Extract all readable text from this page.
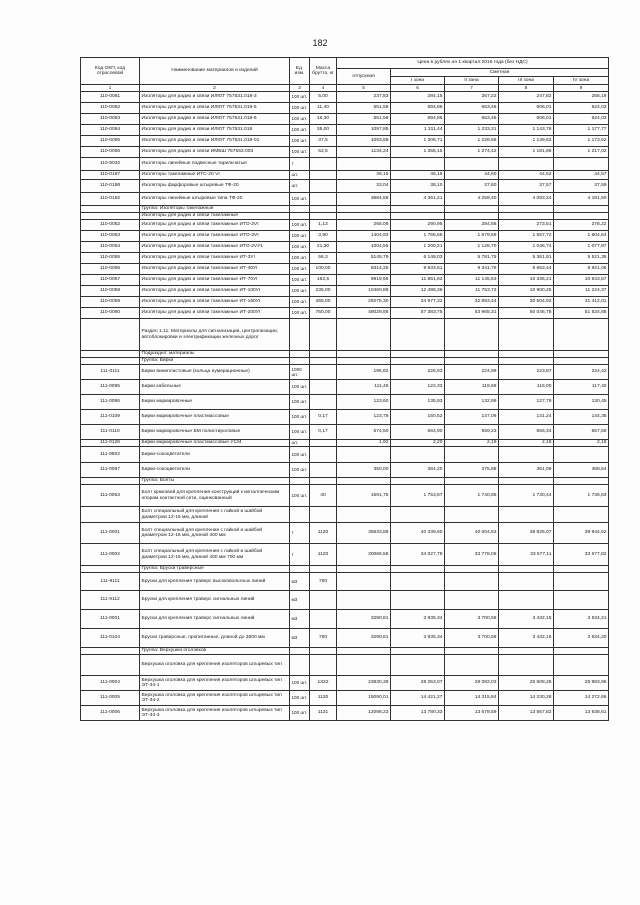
182
Код ОКП, код отраслевой	Наименование материалов и изделий	Ед. изм.	Масса брутто, кг	Цена в рублях на 1 квартал 2016 года (без НДС)				
				отпускная	Сметная			
					I зона	II зона	III зона	IV зона
1	2	3	4	5	6	7	8	9
110-0061	Изоляторы для радио и связи ИЛЮТ 757531.018-3	100 шт.	5,00	237,83	284,15	267,22	247,82	255,19
110-0062	Изоляторы для радио и связи ИЛЮТ 757531.018-5	100 шт.	11,40	551,58	694,86	653,46	606,01	624,03
110-0063	Изоляторы для радио и связи ИЛЮТ 757531.018-6	100 шт.	16,30	551,58	694,86	653,46	606,01	624,03
110-0064	Изоляторы для радио и связи ИЛЮТ 757531.018	100 шт.	35,00	1097,85	1 311,44	1 233,31	1 143,76	1 177,77
110-0065	Изоляторы для радио и связи ИЛЮТ 757531.018-01	100 шт.	37,5	1093,69	1 306,71	1 228,86	1 139,63	1 173,52
110-0066	Изоляторы для радио и связи ИМБШ 757553.003	100 шт.	52,5	1134,24	1 355,15	1 274,42	1 181,86	1 217,02
110-9032	Изоляторы линейные подвесные тарельчатые	т						
110-0187	Изоляторы такелажные ИТС-20 VI	шт.		39,15	45,15	44,60	44,52	44,57
110-0188	Изоляторы фарфоровые штыревые ТФ-20	шт.		33,04	38,10	37,60	37,57	37,59
110-0192	Изоляторы линейные штыревые типа ТФ-20	100 шт.		3684,58	4 361,21	4 259,40	4 093,24	4 181,50
	Группа: Изоляторы такелажные							
	Изоляторы для радио и связи такелажные							
110-0052	Изоляторы для радио и связи такелажные ИТО-2VI	100 шт.	1,13	265,09	290,95	284,68	273,51	278,22
110-0053	Изоляторы для радио и связи такелажные ИТО-3VI	100 шт.	3,90	1404,93	1 765,55	1 679,59	1 557,72	1 604,64
110-0054	Изоляторы для радио и связи такелажные ИТО-2VУ1	100 шт.	21,30	1004,55	1 200,21	1 128,70	1 046,74	1 077,87
110-0055	Изоляторы для радио и связи такелажные ИТ-3УI	100 шт.	56,3	5145,79	6 148,03	5 781,75	5 361,91	5 521,35
110-0056	Изоляторы для радио и связи такелажные ИТ-40УI	100 шт.	100,00	8314,25	9 933,61	9 341,79	8 663,44	8 921,06
110-0057	Изоляторы для радио и связи такелажные ИТ-70УI	100 шт.	162,5	9919,56	11 851,63	11 145,53	10 336,21	10 643,57
110-0058	Изоляторы для радио и связи такелажные ИТ-100УI	100 шт.	235,00	10460,89	12 498,36	11 753,73	10 900,25	11 224,37
110-0059	Изоляторы для радио и связи такелажные ИТ-160УI	100 шт.	455,00	29275,30	34 977,32	32 893,44	30 504,92	31 412,01
110-0060	Изоляторы для радио и связи такелажные ИТ-200УI	100 шт.	750,00	48029,86	57 383,75	53 965,31	50 046,78	51 534,85
	Раздел 1.11. Материалы для сигнализации, централизации, автоблокировки и электрификации железных дорог							
	Подраздел: материалы							
	Группа: Бирки							
111-0111	Бирки винипластовые (кольца нумерационные)	1000 шт.		195,82	226,93	224,99	223,87	224,42
111-0095	Бирки кабельные	100 шт.		111,49	122,33	119,69	115,00	117,40
111-0086	Бирки маркировочные	100 шт.		123,60	135,93	132,99	127,79	130,45
111-0109	Бирки маркировочные пластмассовые	100 шт.	0,17	123,78	150,52	147,06	141,24	144,35
111-0110	Бирки маркировочные БМ полистироловые	100 шт.	0,17	574,50	664,90	659,23	656,34	657,59
111-0126	Бирки маркировочные пластмассовые У134	шт.		1,92	2,20	2,19	2,18	2,18
111-9502	Бирки-сокоцветатели	100 шт.						
111-0087	Бирки-сокоцветатели	100 шт.		350,00	384,20	375,88	361,09	368,64
	Группа: Болты							
111-0063	Болт крюковой для крепления конструкций к металлическим опорам контактной сети, оцинкованный	100 шт.	40	1591,75	1 753,67	1 740,85	1 730,44	1 735,63
	Болт специальный для крепления с гайкой и шайбой диаметром 12-16 мм, длиной							
111-0001	Болт специальный для крепления с гайкой и шайбой диаметром 12-16 мм, длиной 400 мм	т	1120	35633,89	40 339,60	40 004,53	39 825,07	39 944,52
111-0002	Болт специальный для крепления с гайкой и шайбой диаметром 12-16 мм, длиной 400 мм 700 мм	т	1120	30066,58	34 027,78	33 778,06	33 577,11	33 677,82
	Группа: Бруски траверсные							
111-9111	Бруски для крепления траверс высоковольтных линий	м3	780					
111-9112	Бруски для крепления траверс сигнальных линий	м3						
111-0001	Бруски для крепления траверс сигнальных линий	м3		3290,81	3 935,34	3 700,58	3 432,15	3 534,21
111-0104	Бруски траверсные, пропитанные, длиной до 3600 мм	м3	780	3290,81	3 935,34	3 700,58	3 432,15	3 534,20
	Группа: Верхушки оголовков							
	Верхушка оголовка для крепления изоляторов штыревых тип							
111-0004	Верхушка оголовка для крепления изоляторов штыревых тип ЭТ-34-1	100 шт.	1322	23830,39	28 253,07	28 082,03	25 608,25	25 983,95
111-0005	Верхушка оголовка для крепления изоляторов штыревых тип ЭТ-34-2	100 шт.	1120	15090,01	14 421,27	14 315,84	14 230,28	14 272,66
111-0006	Верхушка оголовка для крепления изоляторов штыревых тип ЭТ-34-3	100 шт.	1131	12098,23	13 780,33	13 679,59	13 567,82	13 638,61
